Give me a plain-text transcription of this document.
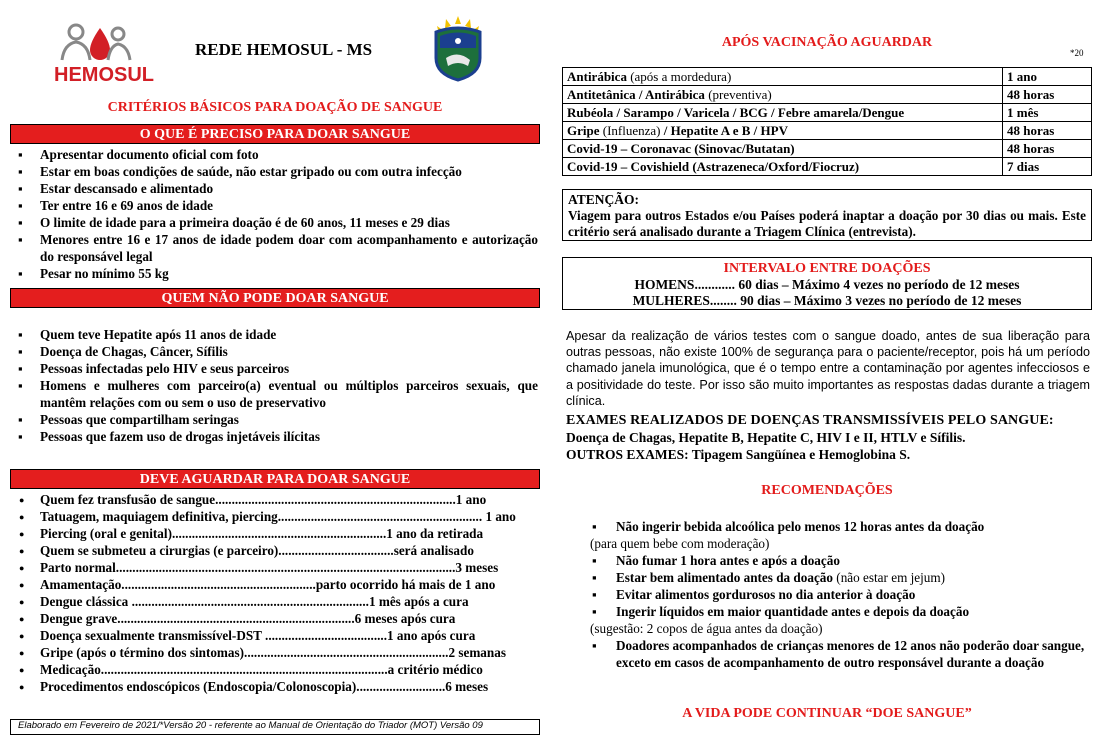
HEMOSUL
REDE HEMOSUL - MS
CRITÉRIOS BÁSICOS PARA DOAÇÃO DE SANGUE
O QUE É PRECISO PARA DOAR SANGUE
▪ Apresentar documento oficial com foto
▪ Estar em boas condições de saúde, não estar gripado ou com outra infecção
▪ Estar descansado e alimentado
▪ Ter entre 16 e 69 anos de idade
▪ O limite de idade para a primeira doação é de 60 anos, 11 meses e 29 dias
▪ Menores entre 16 e 17 anos de idade podem doar com acompanhamento e autorização do responsável legal
▪ Pesar no mínimo 55 kg
QUEM NÃO PODE DOAR SANGUE
▪ Quem teve Hepatite após 11 anos de idade
▪ Doença de Chagas, Câncer, Sífilis
▪ Pessoas infectadas pelo HIV e seus parceiros
▪ Homens e mulheres com parceiro(a) eventual ou múltiplos parceiros sexuais, que mantêm relações com ou sem o uso de preservativo
▪ Pessoas que compartilham seringas
▪ Pessoas que fazem uso de drogas injetáveis ilícitas
DEVE AGUARDAR PARA DOAR SANGUE
● Quem fez transfusão de sangue.........................................................................1 ano
● Tatuagem, maquiagem definitiva, piercing.............................................................. 1 ano
● Piercing (oral e genital).................................................................1 ano da retirada
● Quem se submeteu a cirurgias (e parceiro)...................................será analisado
● Parto normal.......................................................................................................3 meses
● Amamentação...........................................................parto ocorrido há mais de 1 ano
● Dengue clássica ........................................................................1 mês após a cura
● Dengue grave........................................................................6 meses após cura
● Doença sexualmente transmissível-DST .....................................1 ano após cura
● Gripe (após o término dos sintomas)..............................................................2 semanas
● Medicação.......................................................................................a critério médico
● Procedimentos endoscópicos (Endoscopia/Colonoscopia)...........................6 meses
Elaborado em Fevereiro de 2021/*Versão 20 - referente ao Manual de Orientação do Triador (MOT) Versão 09
APÓS VACINAÇÃO AGUARDAR
*20
Antirábica (após a mordedura)	1 ano
Antitetânica / Antirábica (preventiva)	48 horas
Rubéola / Sarampo / Varicela / BCG / Febre amarela/Dengue	1 mês
Gripe (Influenza) / Hepatite A e B / HPV	48 horas
Covid-19 – Coronavac (Sinovac/Butatan)	48 horas
Covid-19 – Covishield (Astrazeneca/Oxford/Fiocruz)	7 dias
ATENÇÃO:
Viagem para outros Estados e/ou Países poderá inaptar a doação por 30 dias ou mais. Este critério será analisado durante a Triagem Clínica (entrevista).
INTERVALO ENTRE DOAÇÕES
HOMENS............ 60 dias – Máximo 4 vezes no período de 12 meses
MULHERES........ 90 dias – Máximo 3 vezes no período de 12 meses
Apesar da realização de vários testes com o sangue doado, antes de sua liberação para outras pessoas, não existe 100% de segurança para o paciente/receptor, pois há um período chamado janela imunológica, que é o tempo entre a contaminação por agentes infecciosos e a positividade do teste. Por isso são muito importantes as respostas dadas durante a triagem clínica.
EXAMES REALIZADOS DE DOENÇAS TRANSMISSÍVEIS PELO SANGUE:
Doença de Chagas, Hepatite B, Hepatite C, HIV I e II, HTLV e Sífilis.
OUTROS EXAMES: Tipagem Sangüínea e Hemoglobina S.
RECOMENDAÇÕES
▪ Não ingerir bebida alcoólica pelo menos 12 horas antes da doação
(para quem bebe com moderação)
▪ Não fumar 1 hora antes e após a doação
▪ Estar bem alimentado antes da doação (não estar em jejum)
▪ Evitar alimentos gordurosos no dia anterior à doação
▪ Ingerir líquidos em maior quantidade antes e depois da doação
(sugestão: 2 copos de água antes da doação)
▪ Doadores acompanhados de crianças menores de 12 anos não poderão doar sangue, exceto em casos de acompanhamento de outro responsável durante a doação
A VIDA PODE CONTINUAR “DOE SANGUE”
